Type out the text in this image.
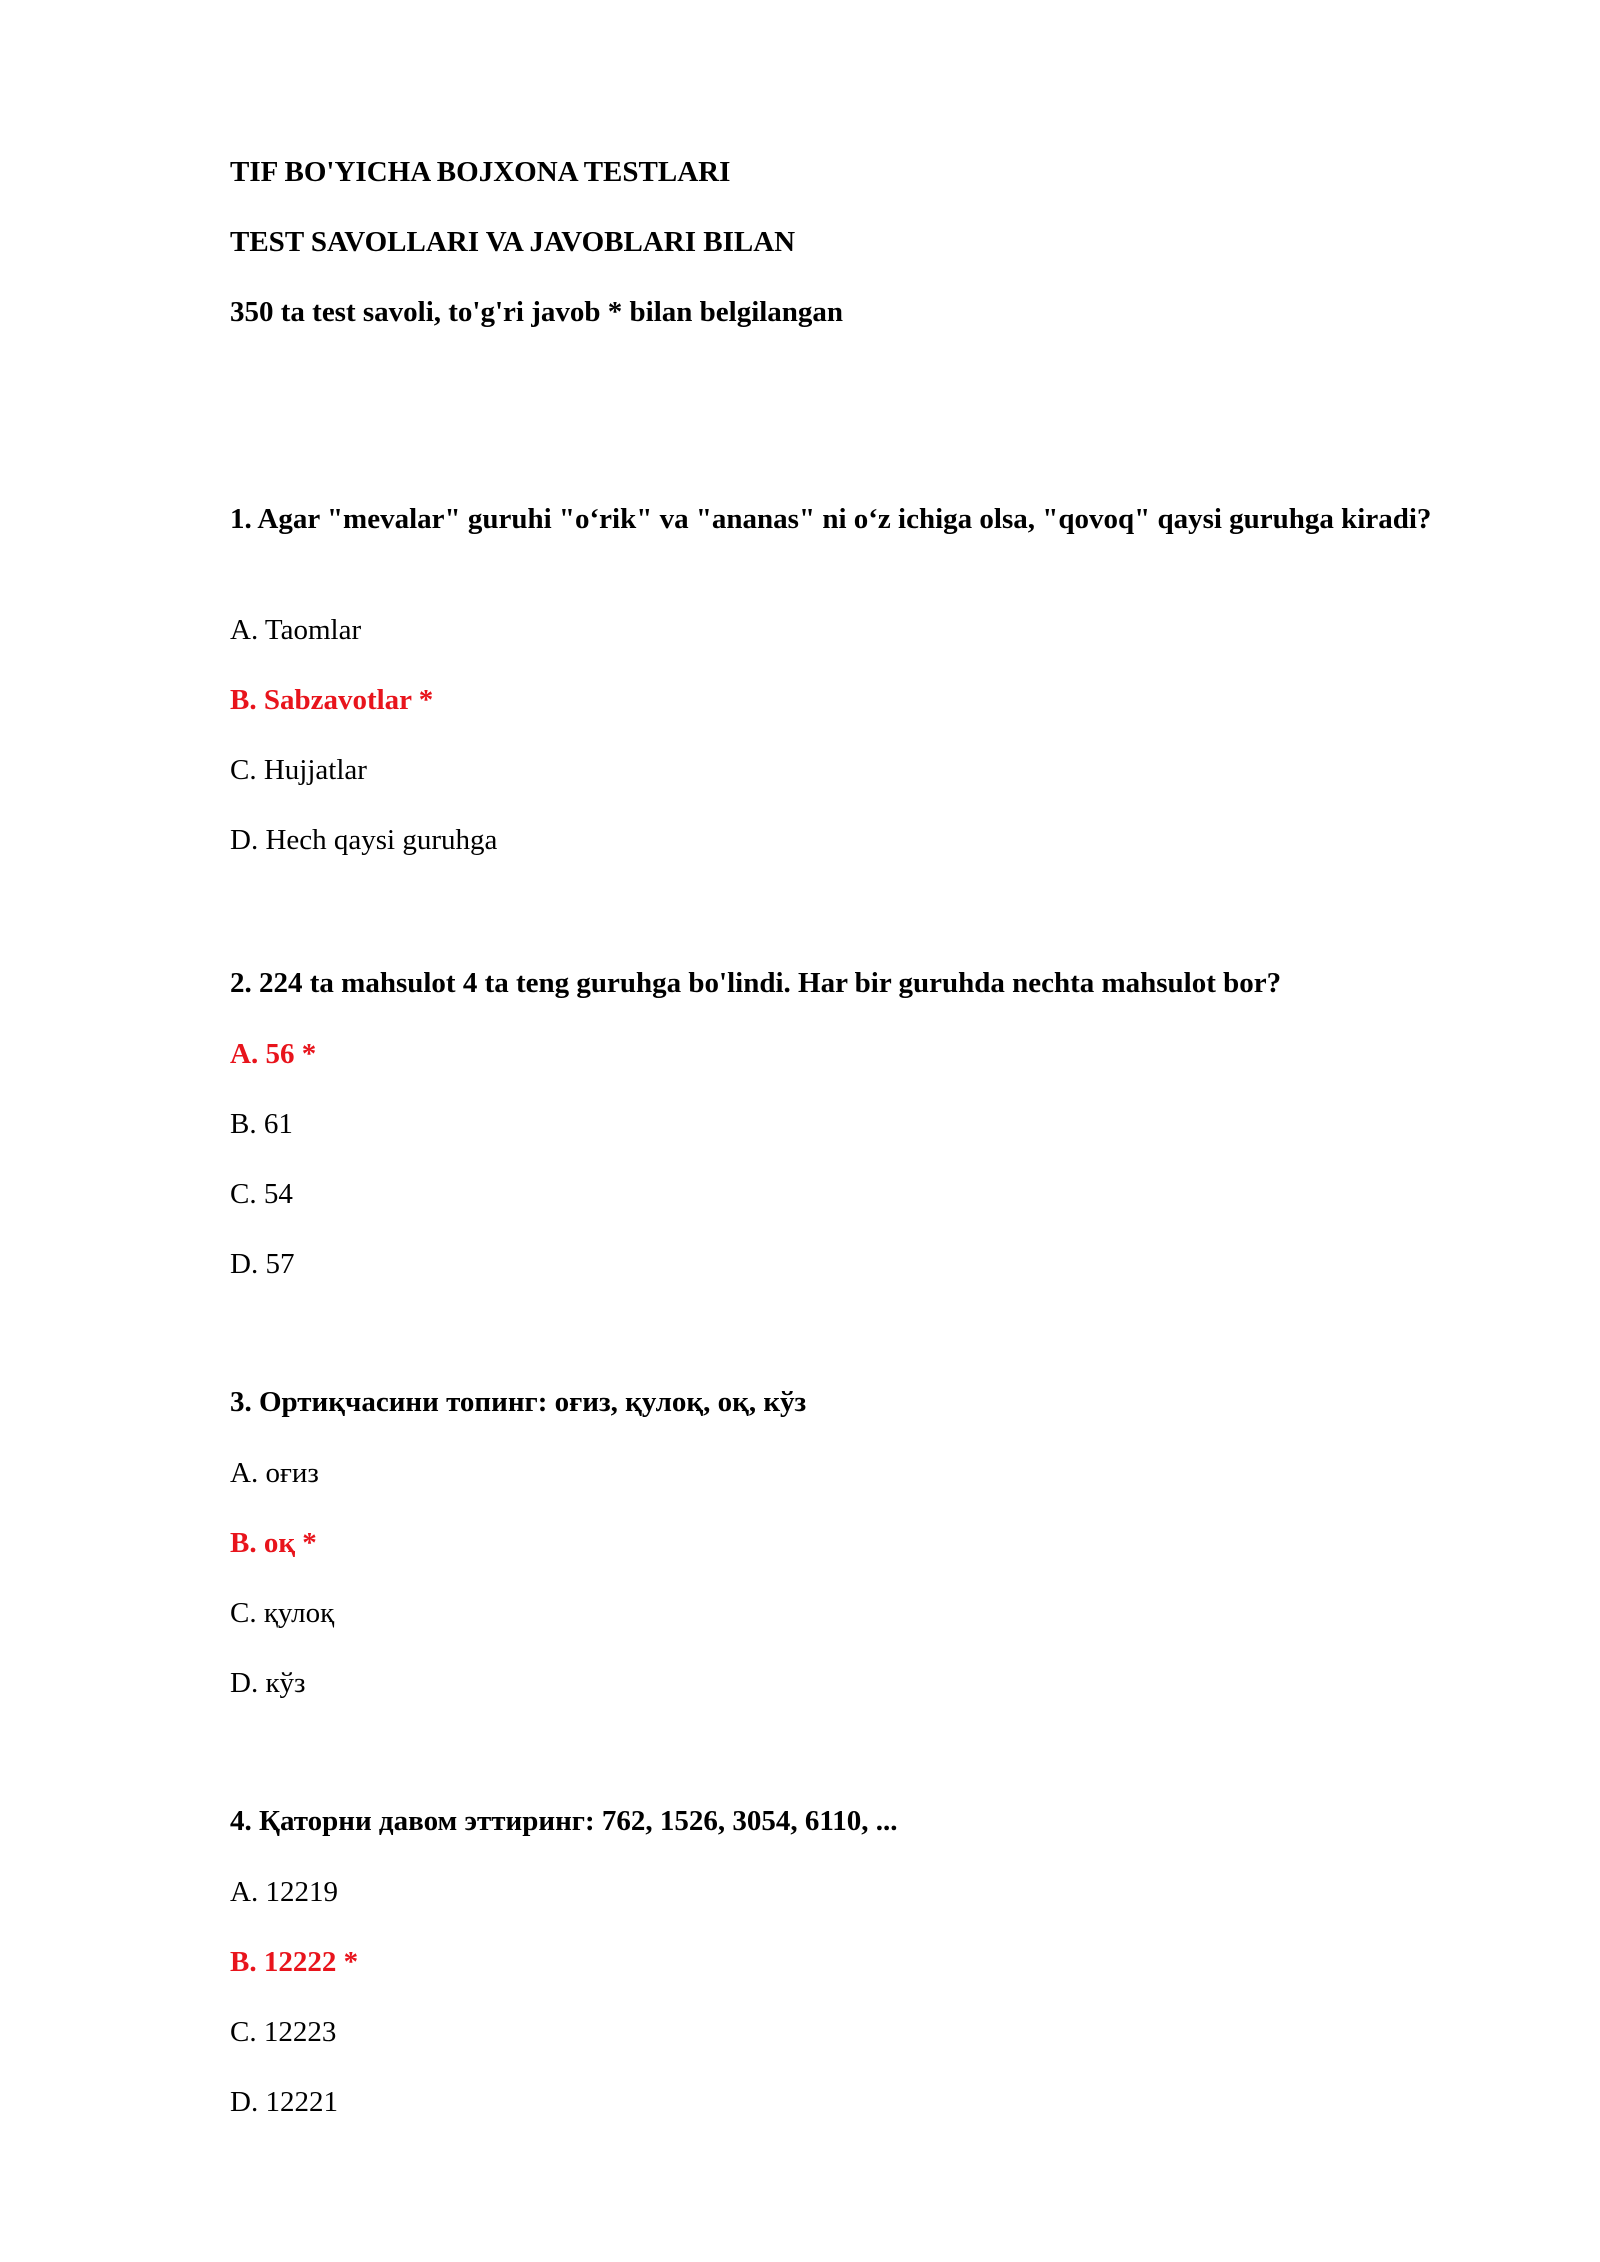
TIF BO'YICHA BOJXONA TESTLARI
TEST SAVOLLARI VA JAVOBLARI BILAN
350 ta test savoli, to'g'ri javob * bilan belgilangan

1. Agar "mevalar" guruhi "o‘rik" va "ananas" ni o‘z ichiga olsa, "qovoq" qaysi guruhga kiradi?

A. Taomlar

B. Sabzavotlar *

C. Hujjatlar

D. Hech qaysi guruhga

2. 224 ta mahsulot 4 ta teng guruhga bo'lindi. Har bir guruhda nechta mahsulot bor?

A. 56 *

B. 61

C. 54

D. 57

3. Ортиқчасини топинг: оғиз, қулоқ, оқ, кўз

A. оғиз

B. оқ *

C. қулоқ

D. кўз

4. Қаторни давом эттиринг: 762, 1526, 3054, 6110, ...

A. 12219

B. 12222 *

C. 12223

D. 12221
